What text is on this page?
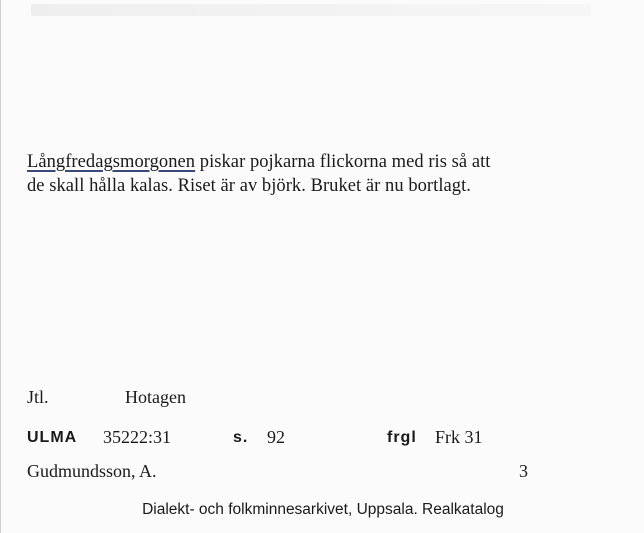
Långfredagsmorgonen piskar pojkarna flickorna med ris så att
de skall hålla kalas. Riset är av björk. Bruket är nu bortlagt.
Jtl.	Hotagen
ULMA 35222:31	s. 92	frgl Frk 31
Gudmundsson, A.	3
Dialekt- och folkminnesarkivet, Uppsala. Realkatalog
